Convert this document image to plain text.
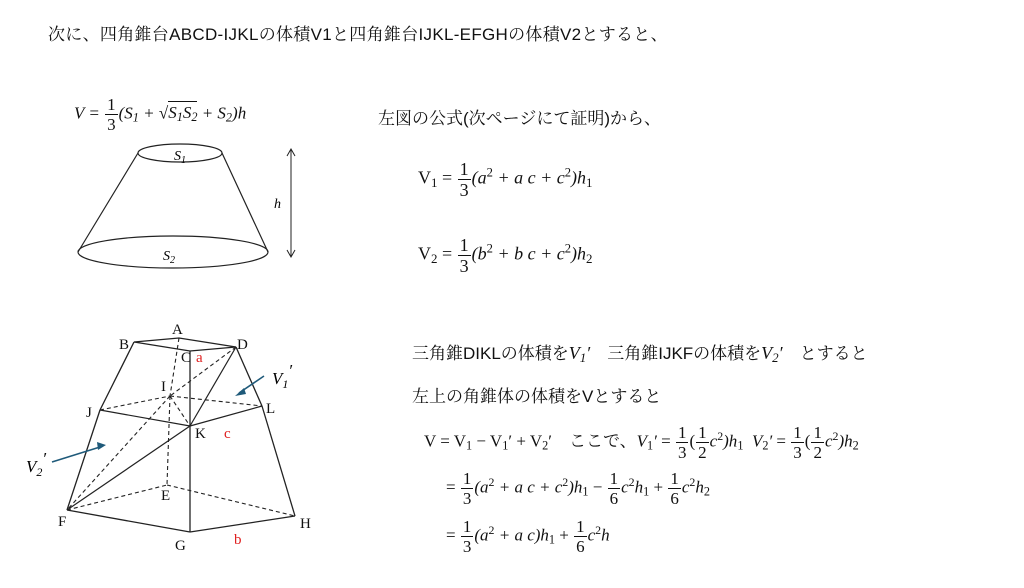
次に、四角錐台ABCD-IJKLの体積V1と四角錐台IJKL-EFGHの体積V2とすると、
$V = \frac{1}{3} (S_1 + √S_1S_2 + S_2)h$
$S_1$
$S_2$
h
左図の公式(次ページにて証明)から、
$V_1 = \frac{1}{3} (a^2 + a$ $c + c^2)h_1$
$V_2 = \frac{1}{3} (b^2 + b$ $c + c^2)h_2$
A
B
C
D
I
J
K
L
E
F
G
H
a
c
b
$V_1'$
$V_2'$
三角錐DIKLの体積を$V_1'$　三角錐IJKFの体積を$V_2'$　とすると
左上の角錐体の体積をVとすると
$V = V_1 - V_1' + V_2'$　ここで、$V_1' = \frac{1}{3}$ ( $\frac{1}{2} c^2)h_1$ $V_2' = \frac{1}{3}$ ( $\frac{1}{2} c^2)h_2$
= $\frac{1}{3} (a^2 + a$ $c + c^2)h_1 - \frac{1}{6} c^2h_1 + \frac{1}{6} c^2h_2$
= $\frac{1}{3} (a^2 + a$ $c)h_1 + \frac{1}{6} c^2h$
